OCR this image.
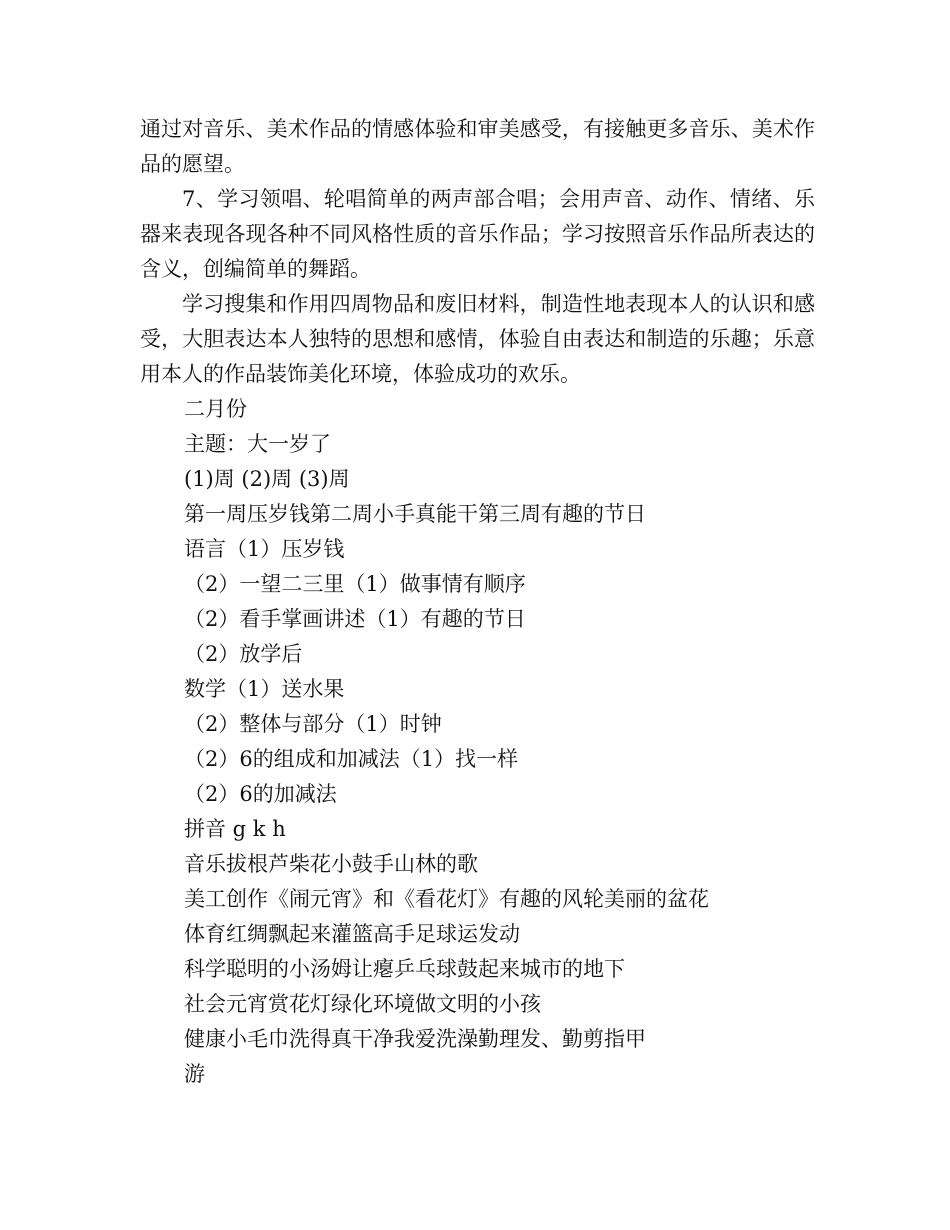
通过对音乐、美术作品的情感体验和审美感受，有接触更多音乐、美术作品的愿望。

7、学习领唱、轮唱简单的两声部合唱；会用声音、动作、情绪、乐器来表现各现各种不同风格性质的音乐作品；学习按照音乐作品所表达的含义，创编简单的舞蹈。

学习搜集和作用四周物品和废旧材料，制造性地表现本人的认识和感受，大胆表达本人独特的思想和感情，体验自由表达和制造的乐趣；乐意用本人的作品装饰美化环境，体验成功的欢乐。

二月份

主题：大一岁了

(1)周 (2)周 (3)周

第一周压岁钱第二周小手真能干第三周有趣的节日

语言（1）压岁钱

（2）一望二三里（1）做事情有顺序

（2）看手掌画讲述（1）有趣的节日

（2）放学后

数学（1）送水果

（2）整体与部分（1）时钟

（2）6的组成和加减法（1）找一样

（2）6的加减法

拼音 g k h

音乐拔根芦柴花小鼓手山林的歌

美工创作《闹元宵》和《看花灯》有趣的风轮美丽的盆花

体育红绸飘起来灌篮高手足球运发动

科学聪明的小汤姆让瘪乒乓球鼓起来城市的地下

社会元宵赏花灯绿化环境做文明的小孩

健康小毛巾洗得真干净我爱洗澡勤理发、勤剪指甲

游
